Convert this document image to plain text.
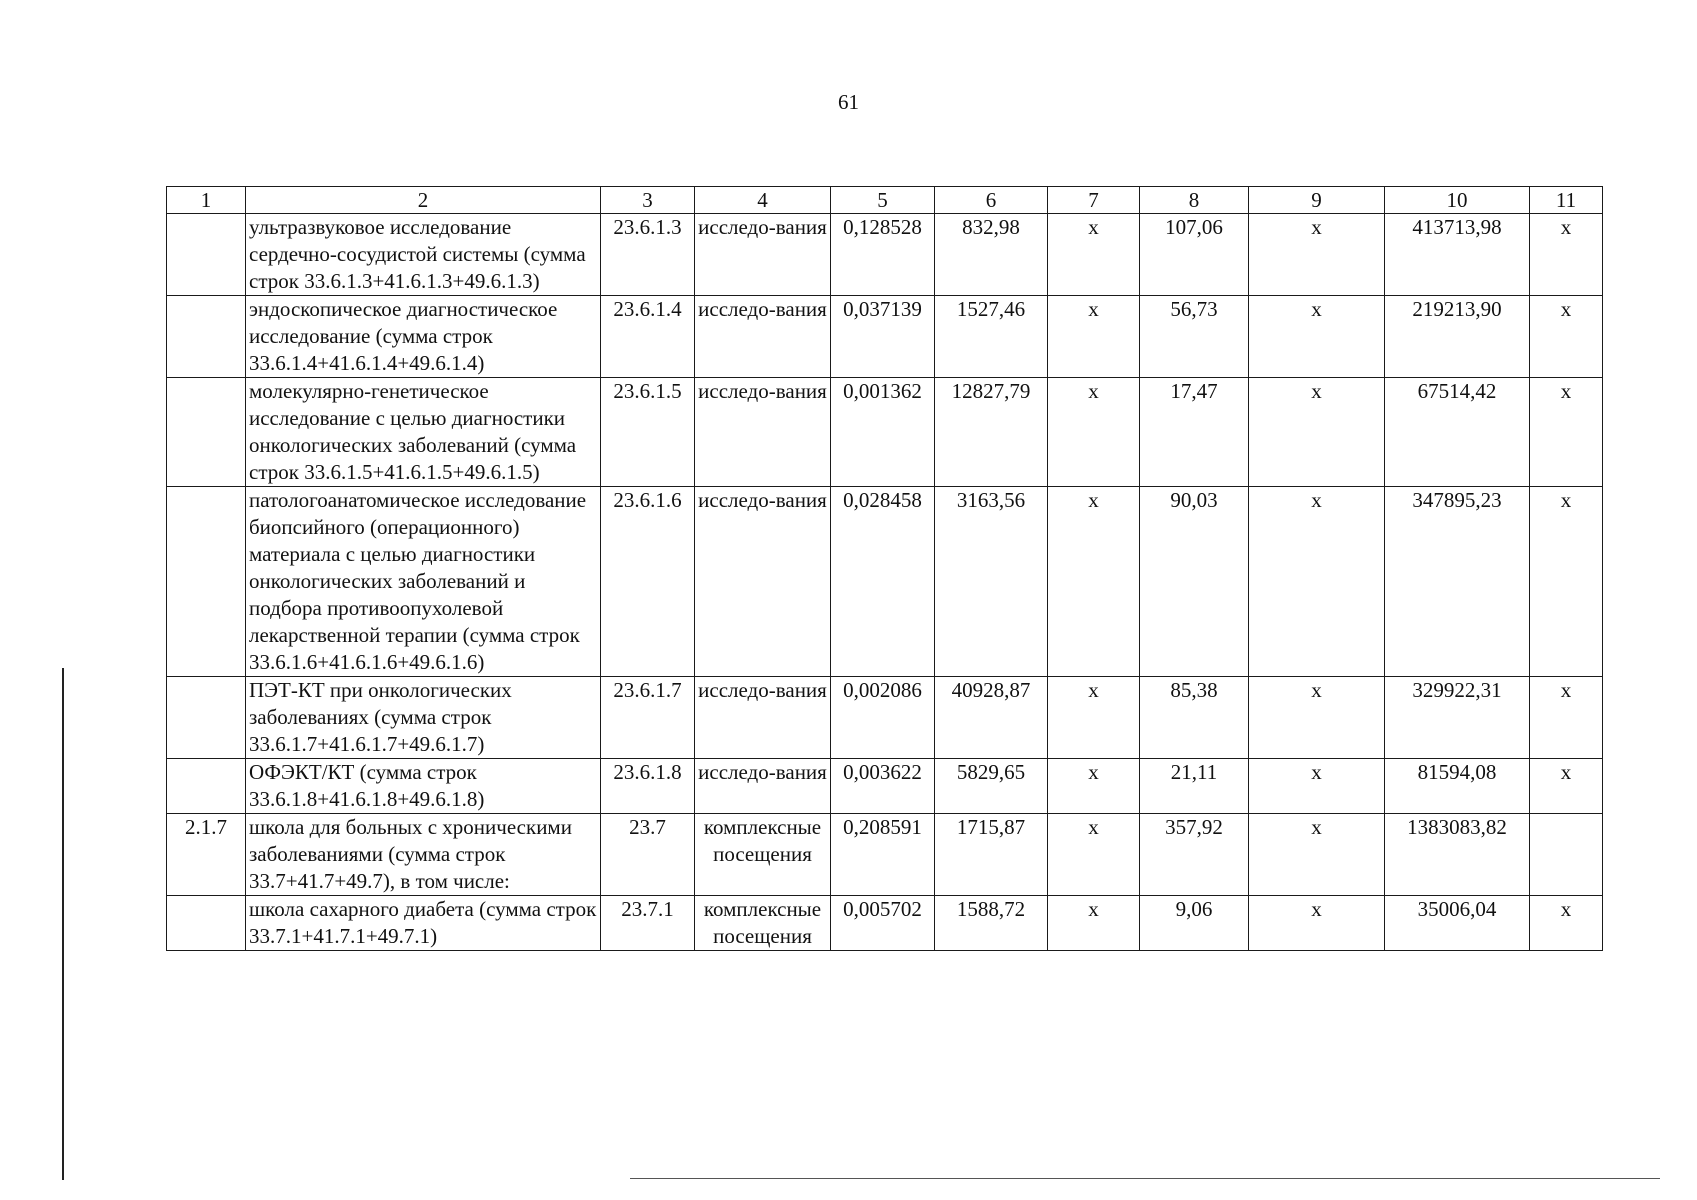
61
1	2	3	4	5	6	7	8	9	10	11
	ультразвуковое исследование сердечно-сосудистой системы (сумма строк 33.6.1.3+41.6.1.3+49.6.1.3)	23.6.1.3	исследо-вания	0,128528	832,98	х	107,06	х	413713,98	х
	эндоскопическое диагностическое исследование (сумма строк 33.6.1.4+41.6.1.4+49.6.1.4)	23.6.1.4	исследо-вания	0,037139	1527,46	х	56,73	х	219213,90	х
	молекулярно-генетическое исследование с целью диагностики онкологических заболеваний (сумма строк 33.6.1.5+41.6.1.5+49.6.1.5)	23.6.1.5	исследо-вания	0,001362	12827,79	х	17,47	х	67514,42	х
	патологоанатомическое исследование биопсийного (операционного) материала с целью диагностики онкологических заболеваний и подбора противоопухолевой лекарственной терапии (сумма строк 33.6.1.6+41.6.1.6+49.6.1.6)	23.6.1.6	исследо-вания	0,028458	3163,56	х	90,03	х	347895,23	х
	ПЭТ-КТ при онкологических заболеваниях (сумма строк 33.6.1.7+41.6.1.7+49.6.1.7)	23.6.1.7	исследо-вания	0,002086	40928,87	х	85,38	х	329922,31	х
	ОФЭКТ/КТ (сумма строк 33.6.1.8+41.6.1.8+49.6.1.8)	23.6.1.8	исследо-вания	0,003622	5829,65	х	21,11	х	81594,08	х
2.1.7	школа для больных с хроническими заболеваниями (сумма строк 33.7+41.7+49.7), в том числе:	23.7	комплексные посещения	0,208591	1715,87	х	357,92	х	1383083,82	
	школа сахарного диабета (сумма строк 33.7.1+41.7.1+49.7.1)	23.7.1	комплексные посещения	0,005702	1588,72	х	9,06	х	35006,04	х
